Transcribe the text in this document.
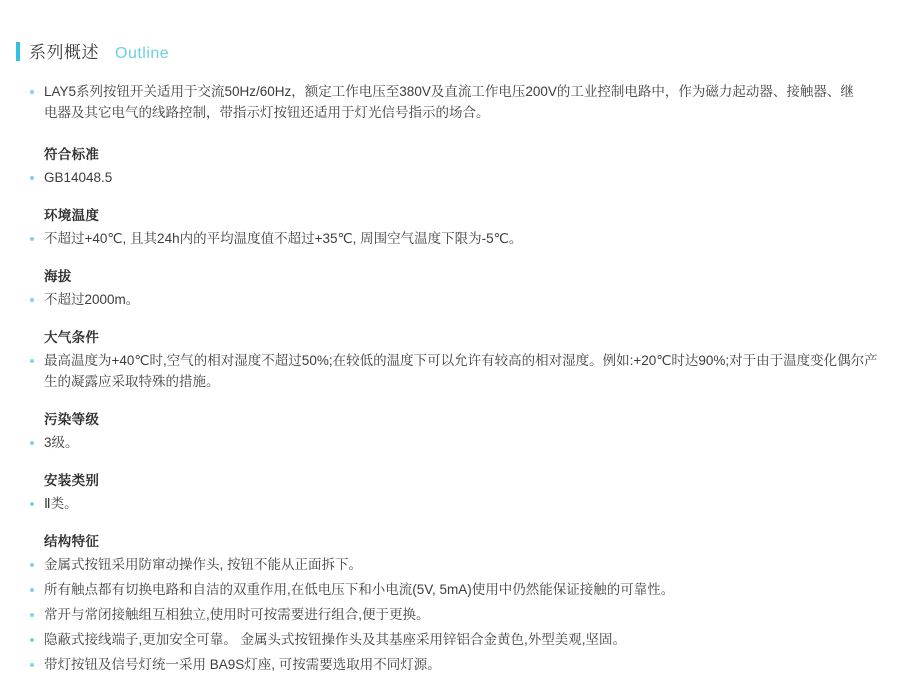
系列概述 Outline
LAY5系列按钮开关适用于交流50Hz/60Hz，额定工作电压至380V及直流工作电压200V的工业控制电路中，作为磁力起动器、接触器、继电器及其它电气的线路控制，带指示灯按钮还适用于灯光信号指示的场合。
符合标准
GB14048.5
环境温度
不超过+40℃, 且其24h内的平均温度值不超过+35℃, 周围空气温度下限为-5℃。
海拔
不超过2000m。
大气条件
最高温度为+40℃时,空气的相对湿度不超过50%;在较低的温度下可以允许有较高的相对湿度。例如:+20℃时达90%;对于由于温度变化偶尔产生的凝露应采取特殊的措施。
污染等级
3级。
安装类别
Ⅱ类。
结构特征
金属式按钮采用防窜动操作头, 按钮不能从正面拆下。
所有触点都有切换电路和自洁的双重作用,在低电压下和小电流(5V, 5mA)使用中仍然能保证接触的可靠性。
常开与常闭接触组互相独立,使用时可按需要进行组合,便于更换。
隐蔽式接线端子,更加安全可靠。 金属头式按钮操作头及其基座采用锌铝合金黄色,外型美观,坚固。
带灯按钮及信号灯统一采用 BA9S灯座, 可按需要选取用不同灯源。
